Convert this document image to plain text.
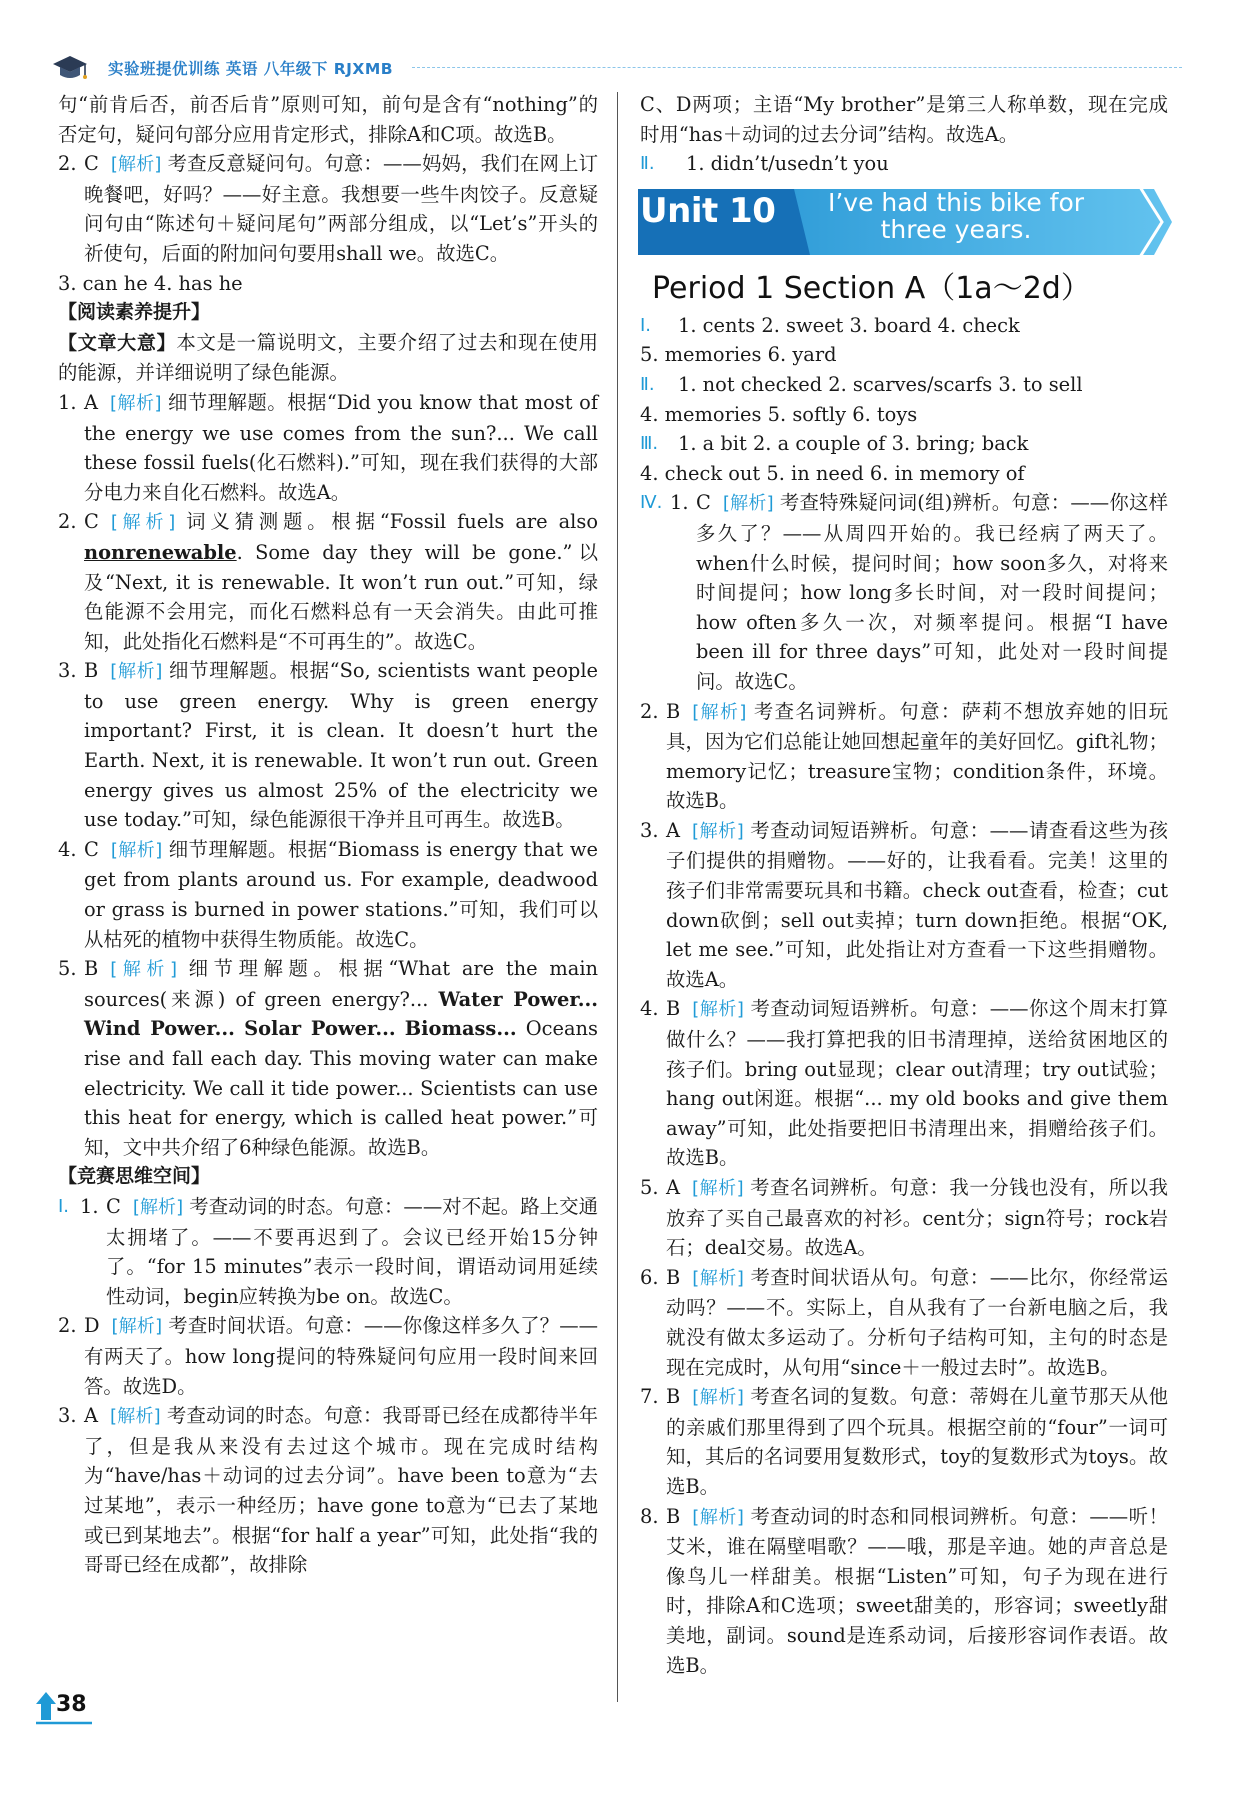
实验班提优训练 英语 八年级下 RJXMB

句“前肯后否，前否后肯”原则可知，前句是含有“nothing”的否定句，疑问句部分应用肯定形式，排除A和C项。故选B。

2. C [解析] 考查反意疑问句。句意：——妈妈，我们在网上订晚餐吧，好吗？——好主意。我想要一些牛肉饺子。反意疑问句由“陈述句＋疑问尾句”两部分组成，以“Let’s”开头的祈使句，后面的附加问句要用shall we。故选C。

3. can he 4. has he

【阅读素养提升】

【文章大意】本文是一篇说明文，主要介绍了过去和现在使用的能源，并详细说明了绿色能源。

1. A [解析] 细节理解题。根据“Did you know that most of the energy we use comes from the sun?... We call these fossil fuels(化石燃料).”可知，现在我们获得的大部分电力来自化石燃料。故选A。
2. C [解析] 词义猜测题。根据“Fossil fuels are also nonrenewable. Some day they will be gone.”以及“Next, it is renewable. It won’t run out.”可知，绿色能源不会用完，而化石燃料总有一天会消失。由此可推知，此处指化石燃料是“不可再生的”。故选C。
3. B [解析] 细节理解题。根据“So, scientists want people to use green energy. Why is green energy important? First, it is clean. It doesn’t hurt the Earth. Next, it is renewable. It won’t run out. Green energy gives us almost 25% of the electricity we use today.”可知，绿色能源很干净并且可再生。故选B。
4. C [解析] 细节理解题。根据“Biomass is energy that we get from plants around us. For example, deadwood or grass is burned in power stations.”可知，我们可以从枯死的植物中获得生物质能。故选C。
5. B [解析] 细节理解题。根据“What are the main sources(来源) of green energy?... Water Power... Wind Power... Solar Power... Biomass... Oceans rise and fall each day. This moving water can make electricity. We call it tide power... Scientists can use this heat for energy, which is called heat power.”可知，文中共介绍了6种绿色能源。故选B。

【竞赛思维空间】

Ⅰ. 1. C [解析] 考查动词的时态。句意：——对不起。路上交通太拥堵了。——不要再迟到了。会议已经开始15分钟了。“for 15 minutes”表示一段时间，谓语动词用延续性动词，begin应转换为be on。故选C。
2. D [解析] 考查时间状语。句意：——你像这样多久了？——有两天了。how long提问的特殊疑问句应用一段时间来回答。故选D。
3. A [解析] 考查动词的时态。句意：我哥哥已经在成都待半年了，但是我从来没有去过这个城市。现在完成时结构为“have/has＋动词的过去分词”。have been to意为“去过某地”，表示一种经历；have gone to意为“已去了某地或已到某地去”。根据“for half a year”可知，此处指“我的哥哥已经在成都”，故排除

C、D两项；主语“My brother”是第三人称单数，现在完成时用“has＋动词的过去分词”结构。故选A。

Ⅱ.	1. didn’t/usedn’t you
Unit 10	I’ve had this bike for three years.
Period 1 Section A（1a～2d）
Ⅰ.	1. cents 2. sweet 3. board 4. check

5. memories 6. yard

Ⅱ.	1. not checked 2. scarves/scarfs 3. to sell

4. memories 5. softly 6. toys

Ⅲ.	1. a bit 2. a couple of 3. bring; back

4. check out 5. in need 6. in memory of

Ⅳ. 1. C [解析] 考查特殊疑问词(组)辨析。句意：——你这样多久了？——从周四开始的。我已经病了两天了。when什么时候，提问时间；how soon多久，对将来时间提问；how long多长时间，对一段时间提问；how often多久一次，对频率提问。根据“I have been ill for three days”可知，此处对一段时间提问。故选C。
2. B [解析] 考查名词辨析。句意：萨莉不想放弃她的旧玩具，因为它们总能让她回想起童年的美好回忆。gift礼物；memory记忆；treasure宝物；condition条件，环境。故选B。
3. A [解析] 考查动词短语辨析。句意：——请查看这些为孩子们提供的捐赠物。——好的，让我看看。完美！这里的孩子们非常需要玩具和书籍。check out查看，检查；cut down砍倒；sell out卖掉；turn down拒绝。根据“OK, let me see.”可知，此处指让对方查看一下这些捐赠物。故选A。
4. B [解析] 考查动词短语辨析。句意：——你这个周末打算做什么？——我打算把我的旧书清理掉，送给贫困地区的孩子们。bring out显现；clear out清理；try out试验；hang out闲逛。根据“... my old books and give them away”可知，此处指要把旧书清理出来，捐赠给孩子们。故选B。
5. A [解析] 考查名词辨析。句意：我一分钱也没有，所以我放弃了买自己最喜欢的衬衫。cent分；sign符号；rock岩石；deal交易。故选A。
6. B [解析] 考查时间状语从句。句意：——比尔，你经常运动吗？——不。实际上，自从我有了一台新电脑之后，我就没有做太多运动了。分析句子结构可知，主句的时态是现在完成时，从句用“since＋一般过去时”。故选B。
7. B [解析] 考查名词的复数。句意：蒂姆在儿童节那天从他的亲戚们那里得到了四个玩具。根据空前的“four”一词可知，其后的名词要用复数形式，toy的复数形式为toys。故选B。
8. B [解析] 考查动词的时态和同根词辨析。句意：——听！艾米，谁在隔壁唱歌？——哦，那是辛迪。她的声音总是像鸟儿一样甜美。根据“Listen”可知，句子为现在进行时，排除A和C选项；sweet甜美的，形容词；sweetly甜美地，副词。sound是连系动词，后接形容词作表语。故选B。
38
